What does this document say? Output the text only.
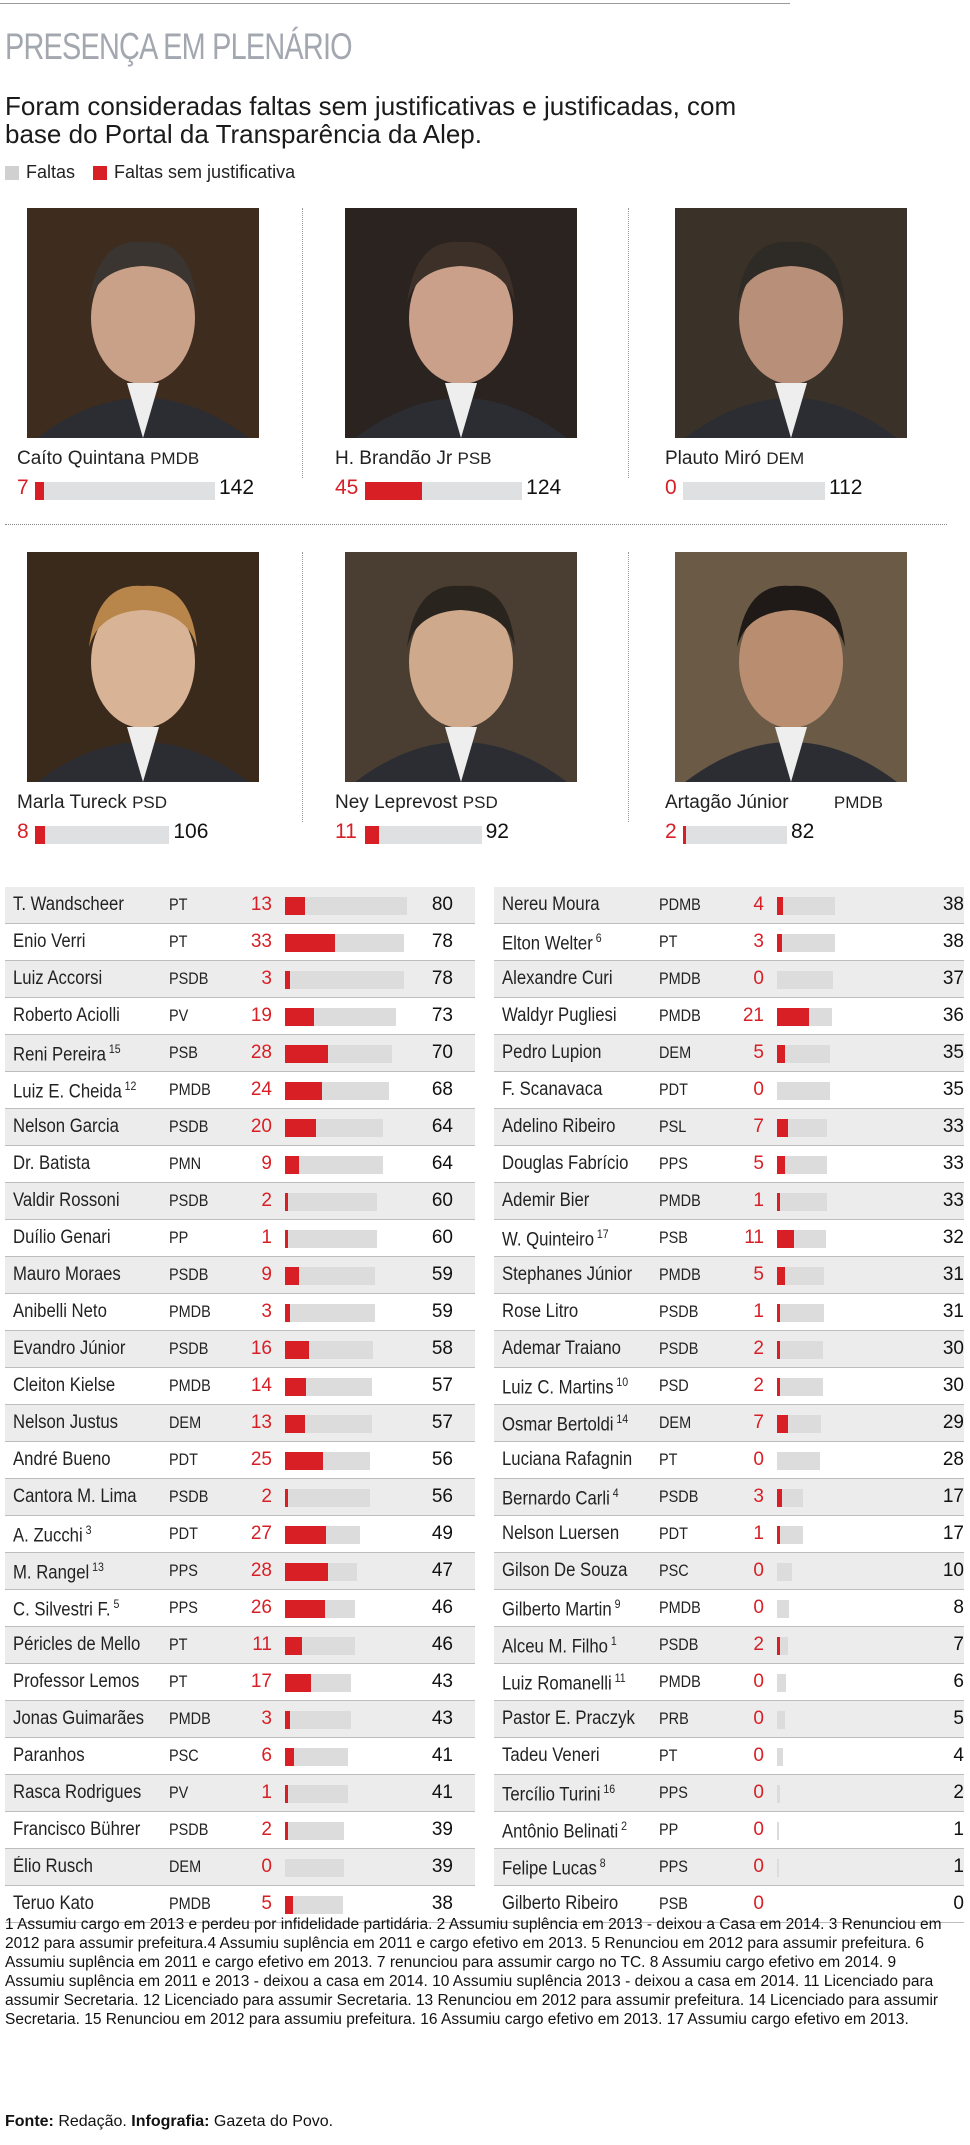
PRESENÇA EM PLENÁRIO
Foram consideradas faltas sem justificativas e justificadas, com base do Portal da Transparência da Alep.
Faltas Faltas sem justificativa
Caíto Quintana PMDB
7	142
H. Brandão Jr PSB
45	124
Plauto Miró DEM
0	112
Marla Tureck PSD
8	106
Ney Leprevost PSD
11	92
Artagão Júnior PMDB
2	82
T. Wandscheer	PT	13	80
Enio Verri	PT	33	78
Luiz Accorsi	PSDB	3	78
Roberto Aciolli	PV	19	73
Reni Pereira $^{15}$	PSB	28	70
Luiz E. Cheida $^{12}$ PMDB	24	68
Nelson Garcia	PSDB	20	64
Dr. Batista	PMN	9	64
Valdir Rossoni	PSDB	2	60
Duílio Genari	PP	1	60
Mauro Moraes	PSDB	9	59
Anibelli Neto	PMDB	3	59
Evandro Júnior	PSDB	16	58
Cleiton Kielse	PMDB	14	57
Nelson Justus	DEM	13	57
André Bueno	PDT	25	56
Cantora M. Lima PSDB	2	56
A. Zucchi $^3$	PDT	27	49
M. Rangel $^{13}$	PPS	28	47
C. Silvestri F. $^5$	PPS	26	46
Péricles de Mello PT	11	46
Professor Lemos PT	17	43
Jonas Guimarães PMDB	3	43
Paranhos	PSC	6	41
Rasca Rodrigues PV	1	41
Francisco Bührer PSDB	2	39
Élio Rusch	DEM	0	39
Teruo Kato	PMDB	5	38
Nereu Moura	PDMB	4	38
Elton Welter $^6$	PT	3	38
Alexandre Curi	PMDB	0	37
Waldyr Pugliesi PMDB	21	36
Pedro Lupion	DEM	5	35
F. Scanavaca	PDT	0	35
Adelino Ribeiro	PSL	7	33
Douglas Fabrício PPS	5	33
Ademir Bier	PMDB	1	33
W. Quinteiro $^{17}$	PSB	11	32
Stephanes Júnior PMDB	5	31
Rose Litro	PSDB	1	31
Ademar Traiano PSDB	2	30
Luiz C. Martins $^{10}$ PSD	2	30
Osmar Bertoldi $^{14}$ DEM	7	29
Luciana Rafagnin PT	0	28
Bernardo Carli $^4$ PSDB	3	17
Nelson Luersen PDT	1	17
Gilson De Souza PSC	0	10
Gilberto Martin $^9$ PMDB	0	8
Alceu M. Filho $^1$ PSDB	2	7
Luiz Romanelli $^{11}$ PMDB	0	6
Pastor E. Praczyk PRB	0	5
Tadeu Veneri	PT	0	4
Tercílio Turini $^{16}$	PPS	0	2
Antônio Belinati $^2$ PP	0	1
Felipe Lucas $^8$	PPS	0	1
Gilberto Ribeiro PSB	0	0
1 Assumiu cargo em 2013 e perdeu por infidelidade partidária. 2 Assumiu suplência em 2013 - deixou a Casa em 2014. 3 Renunciou em 2012 para assumir prefeitura.4 Assumiu suplência em 2011 e cargo efetivo em 2013. 5 Renunciou em 2012 para assumir prefeitura. 6 Assumiu suplência em 2011 e cargo efetivo em 2013. 7 renunciou para assumir cargo no TC. 8 Assumiu cargo efetivo em 2014. 9 Assumiu suplência em 2011 e 2013 - deixou a casa em 2014. 10 Assumiu suplência 2013 - deixou a casa em 2014. 11 Licenciado para assumir Secretaria. 12 Licenciado para assumir Secretaria. 13 Renunciou em 2012 para assumir prefeitura. 14 Licenciado para assumir Secretaria. 15 Renunciou em 2012 para assumiu prefeitura. 16 Assumiu cargo efetivo em 2013. 17 Assumiu cargo efetivo em 2013.
Fonte: Redação. Infografia: Gazeta do Povo.
